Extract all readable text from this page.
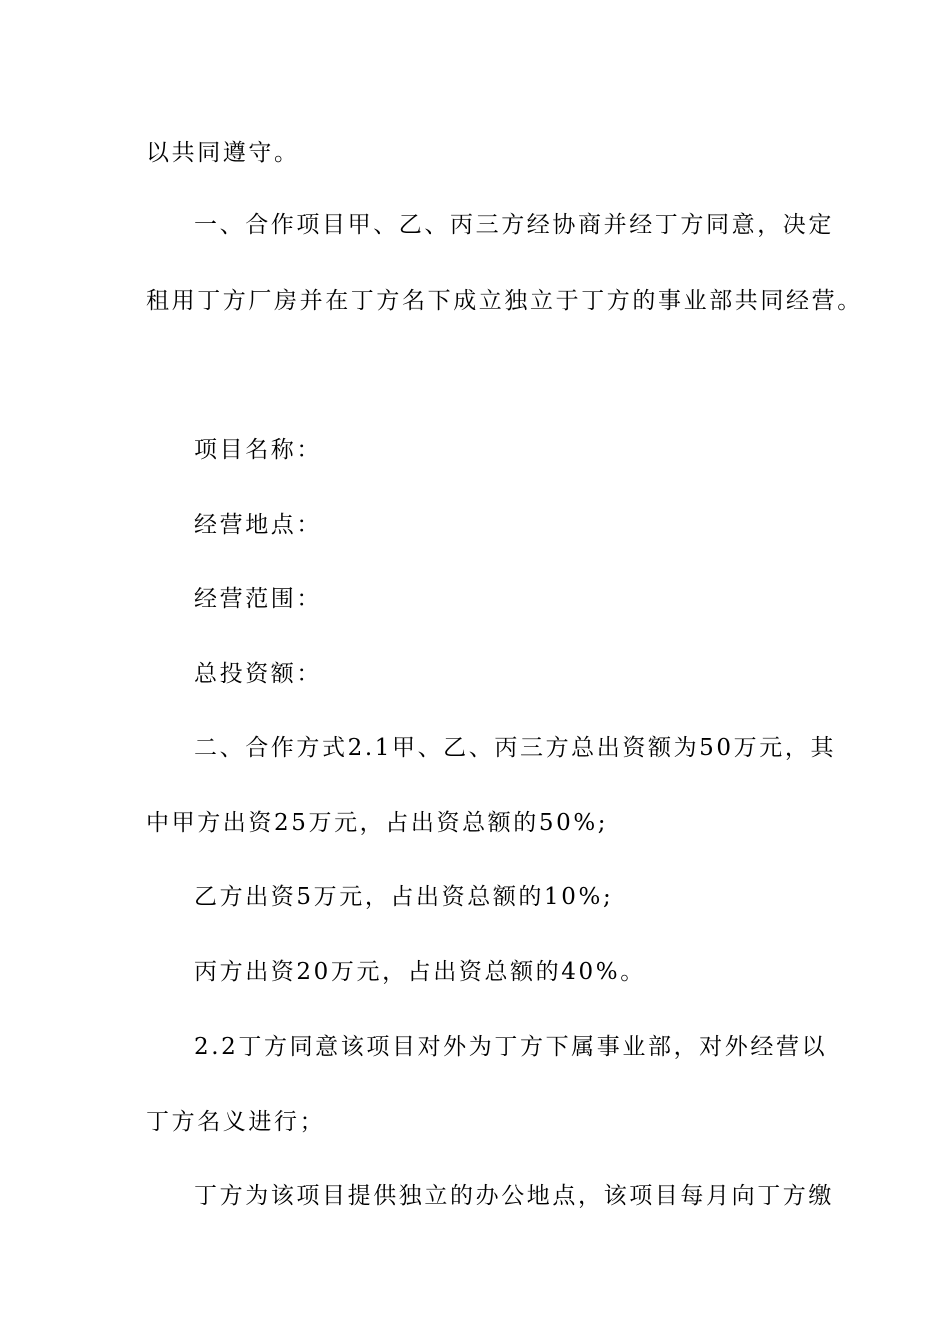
以共同遵守。
一、合作项目甲、乙、丙三方经协商并经丁方同意，决定
租用丁方厂房并在丁方名下成立独立于丁方的事业部共同经营。
项目名称：
经营地点：
经营范围：
总投资额：
二、合作方式2.1甲、乙、丙三方总出资额为50万元，其
中甲方出资25万元，占出资总额的50%;
乙方出资5万元，占出资总额的10%;
丙方出资20万元，占出资总额的40%。
2.2丁方同意该项目对外为丁方下属事业部，对外经营以
丁方名义进行；
丁方为该项目提供独立的办公地点，该项目每月向丁方缴
